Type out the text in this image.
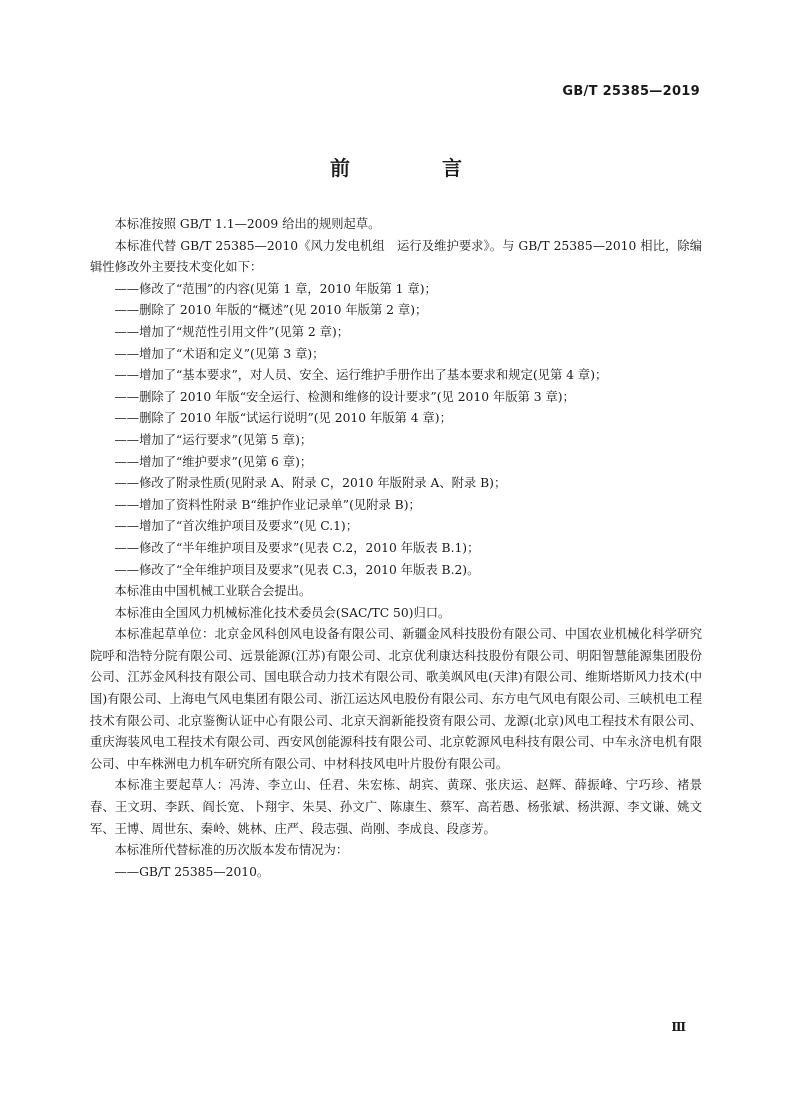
GB/T 25385—2019
前　言

本标准按照 GB/T 1.1—2009 给出的规则起草。

本标准代替 GB/T 25385—2010《风力发电机组　运行及维护要求》。与 GB/T 25385—2010 相比，除编辑性修改外主要技术变化如下：

——修改了“范围”的内容(见第 1 章，2010 年版第 1 章)；

——删除了 2010 年版的“概述”(见 2010 年版第 2 章)；

——增加了“规范性引用文件”(见第 2 章)；

——增加了“术语和定义”(见第 3 章)；

——增加了“基本要求”，对人员、安全、运行维护手册作出了基本要求和规定(见第 4 章)；

——删除了 2010 年版“安全运行、检测和维修的设计要求”(见 2010 年版第 3 章)；

——删除了 2010 年版“试运行说明”(见 2010 年版第 4 章)；

——增加了“运行要求”(见第 5 章)；

——增加了“维护要求”(见第 6 章)；

——修改了附录性质(见附录 A、附录 C，2010 年版附录 A、附录 B)；

——增加了资料性附录 B“维护作业记录单”(见附录 B)；

——增加了“首次维护项目及要求”(见 C.1)；

——修改了“半年维护项目及要求”(见表 C.2，2010 年版表 B.1)；

——修改了“全年维护项目及要求”(见表 C.3，2010 年版表 B.2)。

本标准由中国机械工业联合会提出。

本标准由全国风力机械标准化技术委员会(SAC/TC 50)归口。

本标准起草单位：北京金风科创风电设备有限公司、新疆金风科技股份有限公司、中国农业机械化科学研究院呼和浩特分院有限公司、远景能源(江苏)有限公司、北京优利康达科技股份有限公司、明阳智慧能源集团股份公司、江苏金风科技有限公司、国电联合动力技术有限公司、歌美飒风电(天津)有限公司、维斯塔斯风力技术(中国)有限公司、上海电气风电集团有限公司、浙江运达风电股份有限公司、东方电气风电有限公司、三峡机电工程技术有限公司、北京鉴衡认证中心有限公司、北京天润新能投资有限公司、龙源(北京)风电工程技术有限公司、重庆海装风电工程技术有限公司、西安风创能源科技有限公司、北京乾源风电科技有限公司、中车永济电机有限公司、中车株洲电力机车研究所有限公司、中材科技风电叶片股份有限公司。

本标准主要起草人：冯涛、李立山、任君、朱宏栋、胡宾、黄琛、张庆运、赵辉、薛振峰、宁巧珍、褚景春、王文玥、李跃、阎长宽、卜翔宇、朱昊、孙文广、陈康生、蔡军、高若愚、杨张斌、杨洪源、李文谦、姚文军、王博、周世东、秦岭、姚林、庄严、段志强、尚刚、李成良、段彦芳。

本标准所代替标准的历次版本发布情况为：

——GB/T 25385—2010。

Ⅲ
